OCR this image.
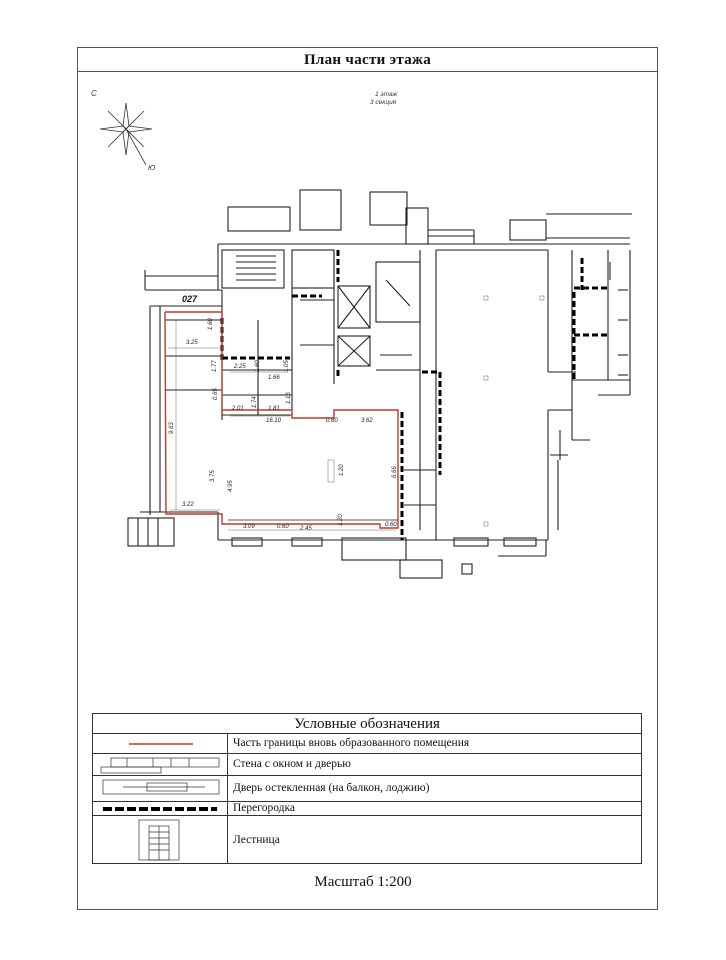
План части этажа
С
Ю
1 этаж
3 секция
027
1.60
3.25
1.77	2.25
1.66
1.60	1.05
0.65
2.01
1.74
1.81
1.16
16.10	0.60	3.62
9.63
3.75
4.95
1.20	6.66
3.22
3.09	0.60 2.45
1.20	0.60
Условные обозначения
Часть границы вновь образованного помещения
Стена с окном и дверью
Дверь остекленная (на балкон, лоджию)
Перегородка
Лестница
Масштаб 1:200
